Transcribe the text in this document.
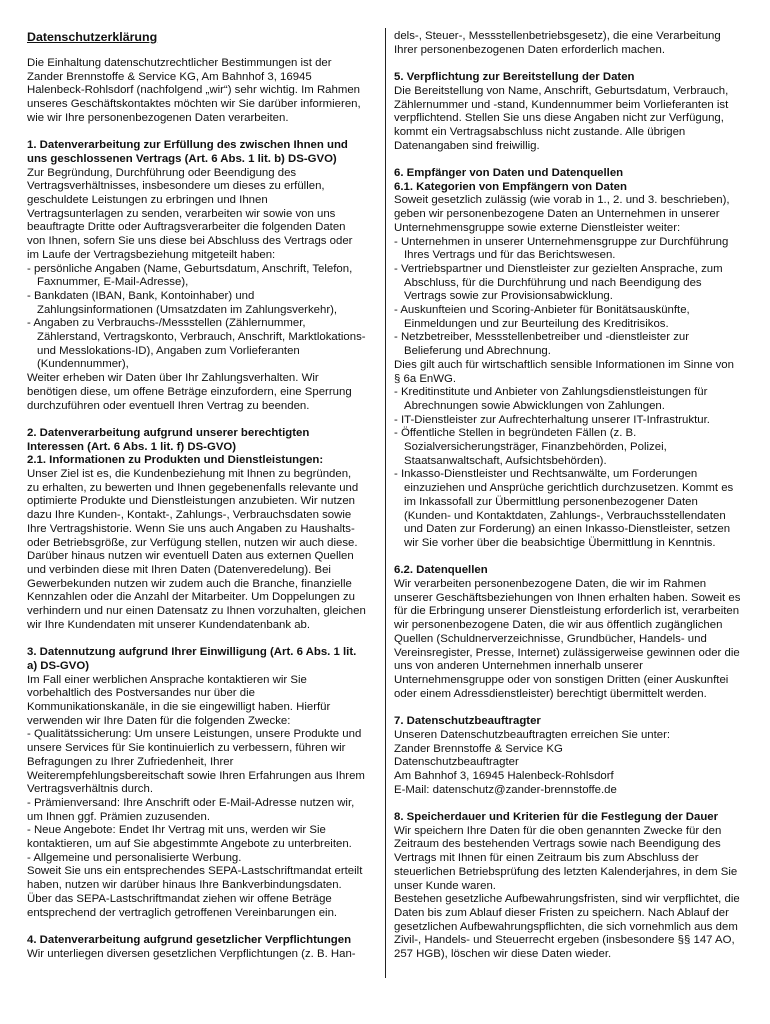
Datenschutzerklärung

Die Einhaltung datenschutzrechtlicher Bestimmungen ist der Zander Brennstoffe & Service KG, Am Bahnhof 3, 16945 Halenbeck-Rohlsdorf (nachfolgend „wir“) sehr wichtig. Im Rahmen unseres Geschäftskontaktes möchten wir Sie darüber informieren, wie wir Ihre personenbezogenen Daten verarbeiten.

1. Datenverarbeitung zur Erfüllung des zwischen Ihnen und uns geschlossenen Vertrags (Art. 6 Abs. 1 lit. b) DS-GVO)

Zur Begründung, Durchführung oder Beendigung des Vertragsverhältnisses, insbesondere um dieses zu erfüllen, geschuldete Leistungen zu erbringen und Ihnen Vertragsunterlagen zu senden, verarbeiten wir sowie von uns beauftragte Dritte oder Auftragsverarbeiter die folgenden Daten von Ihnen, sofern Sie uns diese bei Abschluss des Vertrags oder im Laufe der Vertragsbeziehung mitgeteilt haben:

- persönliche Angaben (Name, Geburtsdatum, Anschrift, Telefon, Faxnummer, E-Mail-Adresse),

- Bankdaten (IBAN, Bank, Kontoinhaber) und Zahlungsinformationen (Umsatzdaten im Zahlungsverkehr),

- Angaben zu Verbrauchs-/Messstellen (Zählernummer, Zählerstand, Vertragskonto, Verbrauch, Anschrift, Marktlokations- und Messlokations-ID), Angaben zum Vorlieferanten (Kundennummer),

Weiter erheben wir Daten über Ihr Zahlungsverhalten. Wir benötigen diese, um offene Beträge einzufordern, eine Sperrung durchzuführen oder eventuell Ihren Vertrag zu beenden.

2. Datenverarbeitung aufgrund unserer berechtigten Interessen (Art. 6 Abs. 1 lit. f) DS-GVO)
2.1. Informationen zu Produkten und Dienstleistungen:

Unser Ziel ist es, die Kundenbeziehung mit Ihnen zu begründen, zu erhalten, zu bewerten und Ihnen gegebenenfalls relevante und optimierte Produkte und Dienstleistungen anzubieten. Wir nutzen dazu Ihre Kunden-, Kontakt-, Zahlungs-, Verbrauchsdaten sowie Ihre Vertragshistorie. Wenn Sie uns auch Angaben zu Haushalts- oder Betriebsgröße, zur Verfügung stellen, nutzen wir auch diese. Darüber hinaus nutzen wir eventuell Daten aus externen Quellen und verbinden diese mit Ihren Daten (Datenveredelung). Bei Gewerbekunden nutzen wir zudem auch die Branche, finanzielle Kennzahlen oder die Anzahl der Mitarbeiter. Um Doppelungen zu verhindern und nur einen Datensatz zu Ihnen vorzuhalten, gleichen wir Ihre Kundendaten mit unserer Kundendatenbank ab.

3. Datennutzung aufgrund Ihrer Einwilligung (Art. 6 Abs. 1 lit. a) DS-GVO)

Im Fall einer werblichen Ansprache kontaktieren wir Sie vorbehaltlich des Postversandes nur über die Kommunikationskanäle, in die sie eingewilligt haben. Hierfür verwenden wir Ihre Daten für die folgenden Zwecke:

- Qualitätssicherung: Um unsere Leistungen, unsere Produkte und unsere Services für Sie kontinuierlich zu verbessern, führen wir Befragungen zu Ihrer Zufriedenheit, Ihrer Weiterempfehlungsbereitschaft sowie Ihren Erfahrungen aus Ihrem Vertragsverhältnis durch.

- Prämienversand: Ihre Anschrift oder E-Mail-Adresse nutzen wir, um Ihnen ggf. Prämien zuzusenden.

- Neue Angebote: Endet Ihr Vertrag mit uns, werden wir Sie kontaktieren, um auf Sie abgestimmte Angebote zu unterbreiten.

- Allgemeine und personalisierte Werbung.

Soweit Sie uns ein entsprechendes SEPA-Lastschriftmandat erteilt haben, nutzen wir darüber hinaus Ihre Bankverbindungsdaten. Über das SEPA-Lastschriftmandat ziehen wir offene Beträge entsprechend der vertraglich getroffenen Vereinbarungen ein.

4. Datenverarbeitung aufgrund gesetzlicher Verpflichtungen

Wir unterliegen diversen gesetzlichen Verpflichtungen (z. B. Han-

dels-, Steuer-, Messstellenbetriebsgesetz), die eine Verarbeitung Ihrer personenbezogenen Daten erforderlich machen.

5. Verpflichtung zur Bereitstellung der Daten

Die Bereitstellung von Name, Anschrift, Geburtsdatum, Verbrauch, Zählernummer und -stand, Kundennummer beim Vorlieferanten ist verpflichtend. Stellen Sie uns diese Angaben nicht zur Verfügung, kommt ein Vertragsabschluss nicht zustande. Alle übrigen Datenangaben sind freiwillig.

6. Empfänger von Daten und Datenquellen
6.1. Kategorien von Empfängern von Daten

Soweit gesetzlich zulässig (wie vorab in 1., 2. und 3. beschrieben), geben wir personenbezogene Daten an Unternehmen in unserer Unternehmensgruppe sowie externe Dienstleister weiter:

- Unternehmen in unserer Unternehmensgruppe zur Durchführung Ihres Vertrags und für das Berichtswesen.

- Vertriebspartner und Dienstleister zur gezielten Ansprache, zum Abschluss, für die Durchführung und nach Beendigung des Vertrags sowie zur Provisionsabwicklung.

- Auskunfteien und Scoring-Anbieter für Bonitätsauskünfte, Einmeldungen und zur Beurteilung des Kreditrisikos.

- Netzbetreiber, Messstellenbetreiber und -dienstleister zur Belieferung und Abrechnung.

Dies gilt auch für wirtschaftlich sensible Informationen im Sinne von § 6a EnWG.

- Kreditinstitute und Anbieter von Zahlungsdienstleistungen für Abrechnungen sowie Abwicklungen von Zahlungen.

- IT-Dienstleister zur Aufrechterhaltung unserer IT-Infrastruktur.

- Öffentliche Stellen in begründeten Fällen (z. B. Sozialversicherungsträger, Finanzbehörden, Polizei, Staatsanwaltschaft, Aufsichtsbehörden).

- Inkasso-Dienstleister und Rechtsanwälte, um Forderungen einzuziehen und Ansprüche gerichtlich durchzusetzen. Kommt es im Inkassofall zur Übermittlung personenbezogener Daten (Kunden- und Kontaktdaten, Zahlungs-, Verbrauchsstellendaten und Daten zur Forderung) an einen Inkasso-Dienstleister, setzen wir Sie vorher über die beabsichtige Übermittlung in Kenntnis.

6.2. Datenquellen

Wir verarbeiten personenbezogene Daten, die wir im Rahmen unserer Geschäftsbeziehungen von Ihnen erhalten haben. Soweit es für die Erbringung unserer Dienstleistung erforderlich ist, verarbeiten wir personenbezogene Daten, die wir aus öffentlich zugänglichen Quellen (Schuldnerverzeichnisse, Grundbücher, Handels- und Vereinsregister, Presse, Internet) zulässigerweise gewinnen oder die uns von anderen Unternehmen innerhalb unserer Unternehmensgruppe oder von sonstigen Dritten (einer Auskunftei oder einem Adressdienstleister) berechtigt übermittelt werden.

7. Datenschutzbeauftragter

Unseren Datenschutzbeauftragten erreichen Sie unter:

Zander Brennstoffe & Service KG

Datenschutzbeauftragter

Am Bahnhof 3, 16945 Halenbeck-Rohlsdorf

E-Mail: datenschutz@zander-brennstoffe.de

8. Speicherdauer und Kriterien für die Festlegung der Dauer

Wir speichern Ihre Daten für die oben genannten Zwecke für den Zeitraum des bestehenden Vertrags sowie nach Beendigung des Vertrags mit Ihnen für einen Zeitraum bis zum Abschluss der steuerlichen Betriebsprüfung des letzten Kalenderjahres, in dem Sie unser Kunde waren.

Bestehen gesetzliche Aufbewahrungsfristen, sind wir verpflichtet, die Daten bis zum Ablauf dieser Fristen zu speichern. Nach Ablauf der gesetzlichen Aufbewahrungspflichten, die sich vornehmlich aus dem Zivil-, Handels- und Steuerrecht ergeben (insbesondere §§ 147 AO, 257 HGB), löschen wir diese Daten wieder.
